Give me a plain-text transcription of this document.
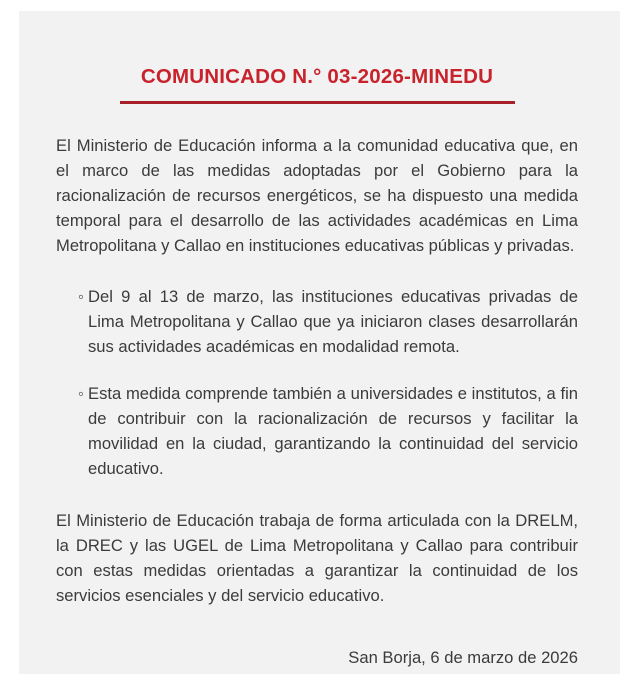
COMUNICADO N.° 03-2026-MINEDU

El Ministerio de Educación informa a la comunidad educativa que, en el marco de las medidas adoptadas por el Gobierno para la racionalización de recursos energéticos, se ha dispuesto una medida temporal para el desarrollo de las actividades académicas en Lima Metropolitana y Callao en instituciones educativas públicas y privadas.

◦ Del 9 al 13 de marzo, las instituciones educativas privadas de Lima Metropolitana y Callao que ya iniciaron clases desarrollarán sus actividades académicas en modalidad remota.
◦ Esta medida comprende también a universidades e institutos, a fin de contribuir con la racionalización de recursos y facilitar la movilidad en la ciudad, garantizando la continuidad del servicio educativo.

El Ministerio de Educación trabaja de forma articulada con la DRELM, la DREC y las UGEL de Lima Metropolitana y Callao para contribuir con estas medidas orientadas a garantizar la continuidad de los servicios esenciales y del servicio educativo.

San Borja, 6 de marzo de 2026
